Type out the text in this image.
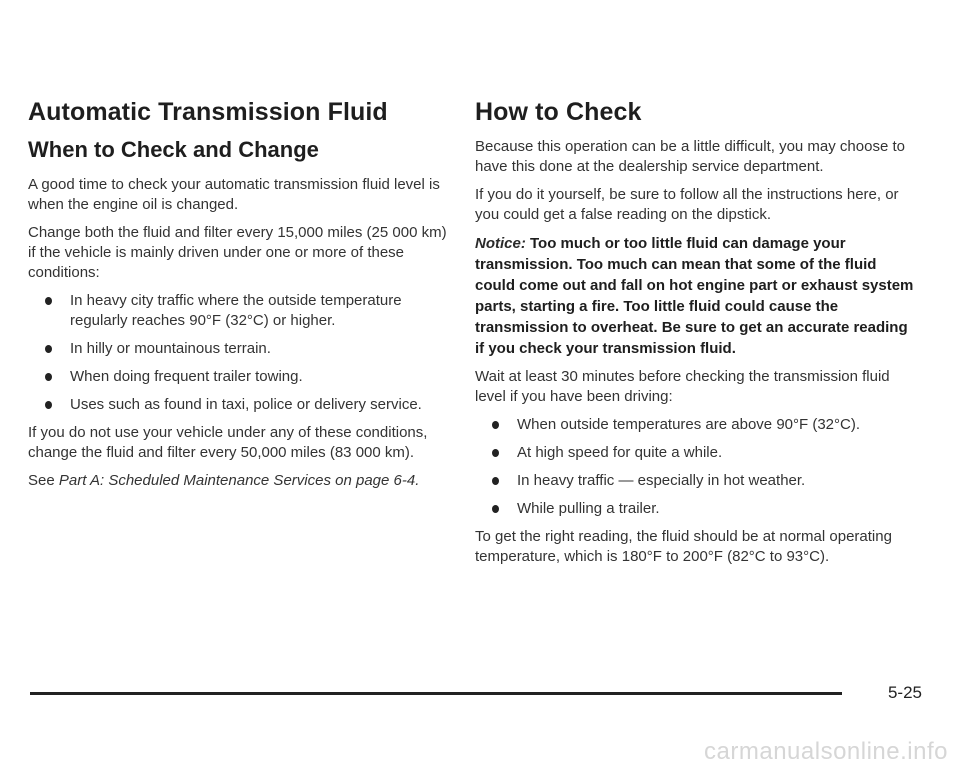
Automatic Transmission Fluid
When to Check and Change

A good time to check your automatic transmission fluid level is when the engine oil is changed.

Change both the fluid and filter every 15,000 miles (25 000 km) if the vehicle is mainly driven under one or more of these conditions:

In heavy city traffic where the outside temperature regularly reaches 90°F (32°C) or higher.
In hilly or mountainous terrain.
When doing frequent trailer towing.
Uses such as found in taxi, police or delivery service.

If you do not use your vehicle under any of these conditions, change the fluid and filter every 50,000 miles (83 000 km).

See Part A: Scheduled Maintenance Services on page 6-4.

How to Check

Because this operation can be a little difficult, you may choose to have this done at the dealership service department.

If you do it yourself, be sure to follow all the instructions here, or you could get a false reading on the dipstick.

Notice: Too much or too little fluid can damage your transmission. Too much can mean that some of the fluid could come out and fall on hot engine part or exhaust system parts, starting a fire. Too little fluid could cause the transmission to overheat. Be sure to get an accurate reading if you check your transmission fluid.

Wait at least 30 minutes before checking the transmission fluid level if you have been driving:

When outside temperatures are above 90°F (32°C).
At high speed for quite a while.
In heavy traffic — especially in hot weather.
While pulling a trailer.

To get the right reading, the fluid should be at normal operating temperature, which is 180°F to 200°F (82°C to 93°C).

5-25
carmanualsonline.info
